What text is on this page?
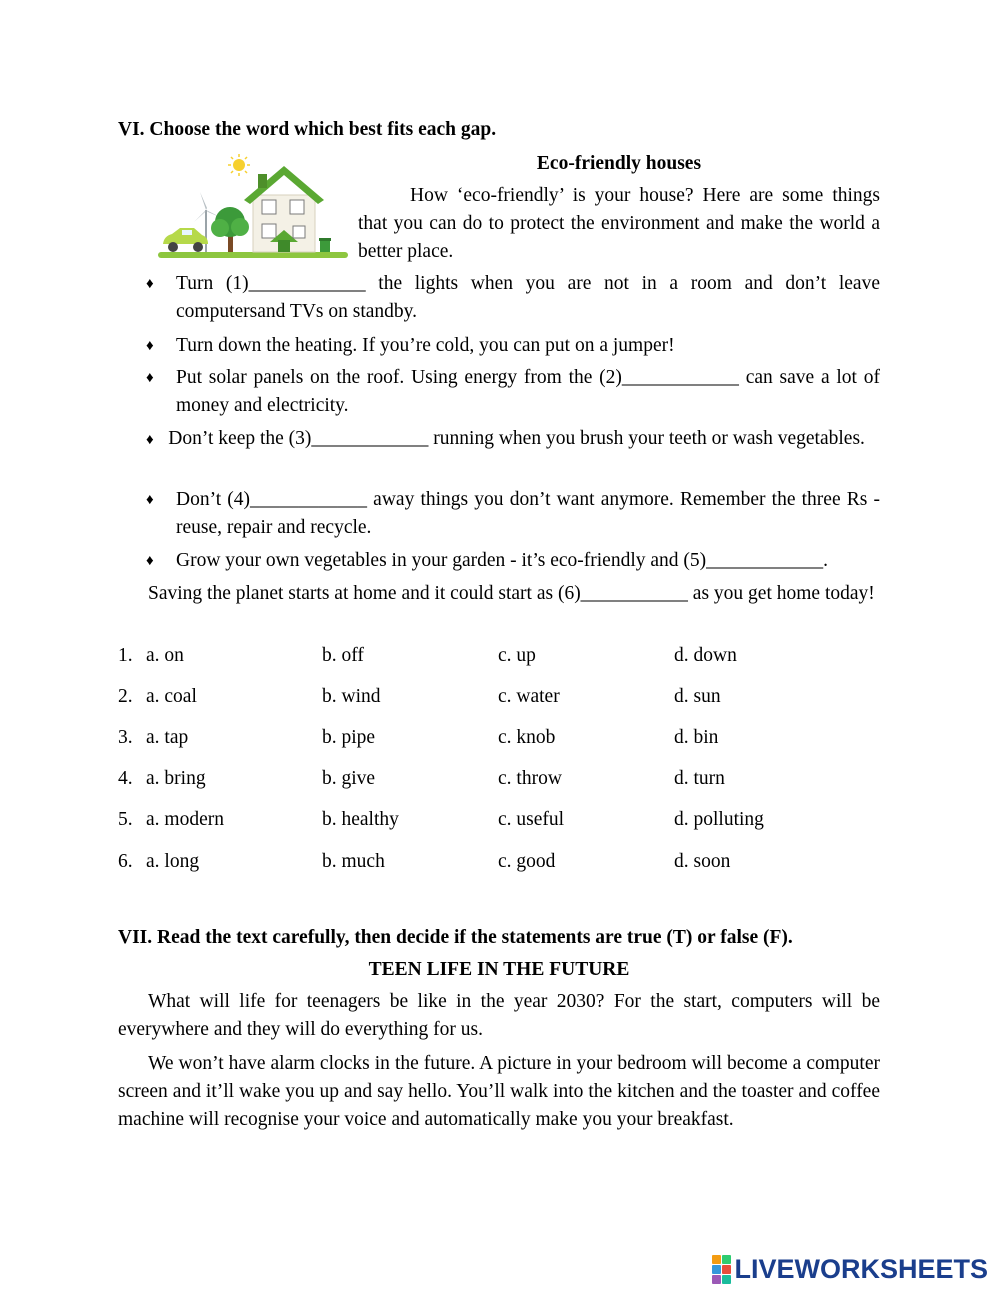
VI. Choose the word which best fits each gap.
Eco-friendly houses
How ‘eco-friendly’ is your house? Here are some things that you can do to protect the environment and make the world a better place.
♦	Turn (1)____________ the lights when you are not in a room and don’t leave computersand TVs on standby.
♦	Turn down the heating. If you’re cold, you can put on a jumper!
♦	Put solar panels on the roof. Using energy from the (2)____________ can save a lot of money and electricity.
♦ Don’t keep the (3)____________ running when you brush your teeth or wash vegetables.
♦	Don’t (4)____________ away things you don’t want anymore. Remember the three Rs - reuse, repair and recycle.
♦	Grow your own vegetables in your garden - it’s eco-friendly and (5)____________.
Saving the planet starts at home and it could start as (6)___________ as you get home today!
1. a. on	b. off	c. up	d. down
2. a. coal	b. wind	c. water	d. sun
3. a. tap	b. pipe	c. knob	d. bin
4. a. bring	b. give	c. throw	d. turn
5. a. modern	b. healthy	c. useful	d. polluting
6. a. long	b. much	c. good	d. soon
VII. Read the text carefully, then decide if the statements are true (T) or false (F).
TEEN LIFE IN THE FUTURE
What will life for teenagers be like in the year 2030? For the start, computers will be everywhere and they will do everything for us.
We won’t have alarm clocks in the future. A picture in your bedroom will become a computer screen and it’ll wake you up and say hello. You’ll walk into the kitchen and the toaster and coffee machine will recognise your voice and automatically make you your breakfast.
LIVEWORKSHEETS
